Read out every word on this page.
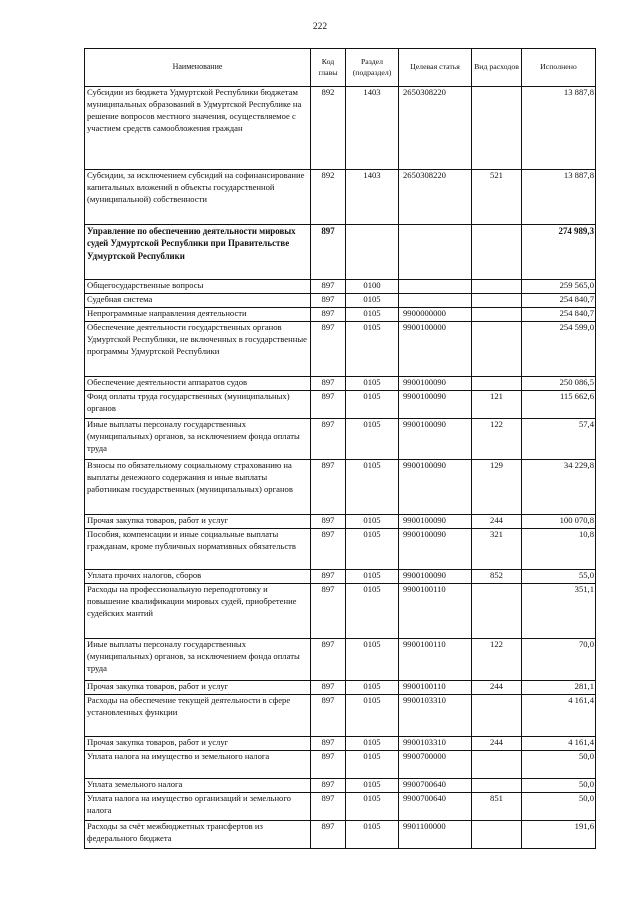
222
Наименование	Код главы	Раздел (подраздел)	Целевая статья	Вид расходов	Исполнено
Субсидии из бюджета Удмуртской Республики бюджетам муниципальных образований в Удмуртской Республике на решение вопросов местного значения, осуществляемое с участием средств самообложения граждан	892	1403	2650308220		13 887,8
Субсидии, за исключением субсидий на софинансирование капитальных вложений в объекты государственной (муниципальной) собственности	892	1403	2650308220	521	13 887,8
Управление по обеспечению деятельности мировых судей Удмуртской Республики при Правительстве Удмуртской Республики	897				274 989,3
Общегосударственные вопросы	897	0100			259 565,0
Судебная система	897	0105			254 840,7
Непрограммные направления деятельности	897	0105	9900000000		254 840,7
Обеспечение деятельности государственных органов Удмуртской Республики, не включенных в государственные программы Удмуртской Республики	897	0105	9900100000		254 599,0
Обеспечение деятельности аппаратов судов	897	0105	9900100090		250 086,5
Фонд оплаты труда государственных (муниципальных) органов	897	0105	9900100090	121	115 662,6
Иные выплаты персоналу государственных (муниципальных) органов, за исключением фонда оплаты труда	897	0105	9900100090	122	57,4
Взносы по обязательному социальному страхованию на выплаты денежного содержания и иные выплаты работникам государственных (муниципальных) органов	897	0105	9900100090	129	34 229,8
Прочая закупка товаров, работ и услуг	897	0105	9900100090	244	100 070,8
Пособия, компенсации и иные социальные выплаты гражданам, кроме публичных нормативных обязательств	897	0105	9900100090	321	10,8
Уплата прочих налогов, сборов	897	0105	9900100090	852	55,0
Расходы на профессиональную переподготовку и повышение квалификации мировых судей, приобретение судейских мантий	897	0105	9900100110		351,1
Иные выплаты персоналу государственных (муниципальных) органов, за исключением фонда оплаты труда	897	0105	9900100110	122	70,0
Прочая закупка товаров, работ и услуг	897	0105	9900100110	244	281,1
Расходы на обеспечение текущей деятельности в сфере установленных функции	897	0105	9900103310		4 161,4
Прочая закупка товаров, работ и услуг	897	0105	9900103310	244	4 161,4
Уплата налога на имущество и земельного налога	897	0105	9900700000		50,0
Уплата земельного налога	897	0105	9900700640		50,0
Уплата налога на имущество организаций и земельного налога	897	0105	9900700640	851	50,0
Расходы за счёт межбюджетных трансфертов из федерального бюджета	897	0105	9901100000		191,6
